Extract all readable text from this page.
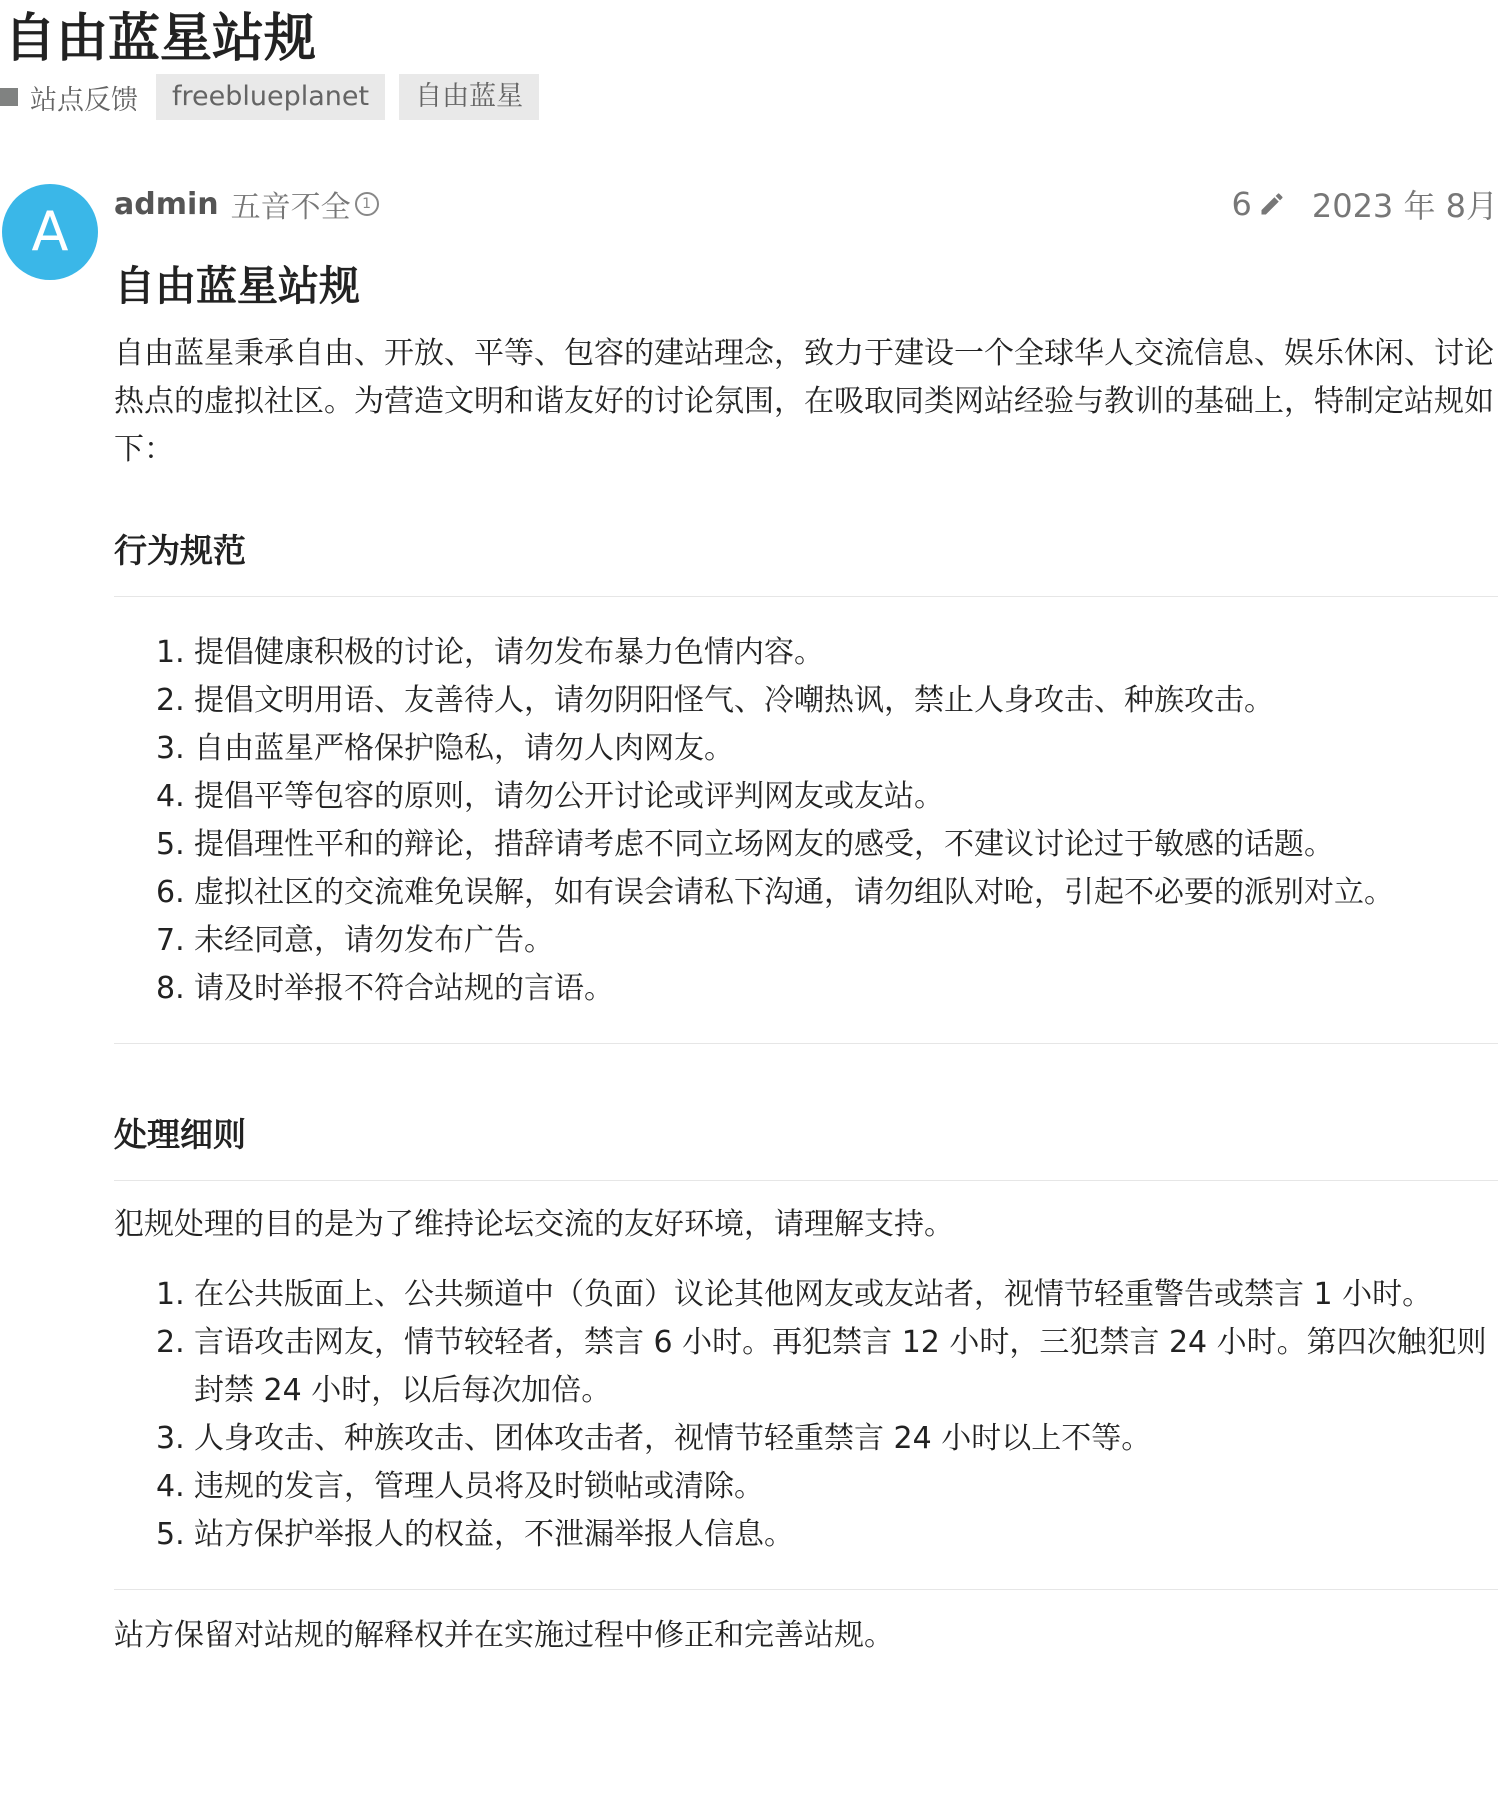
自由蓝星站规
站点反馈	freeblueplanet	自由蓝星
A	admin 五音不全 1	6 2023 年 8月
自由蓝星站规

自由蓝星秉承自由、开放、平等、包容的建站理念，致力于建设一个全球华人交流信息、娱乐休闲、讨论热点的虚拟社区。为营造文明和谐友好的讨论氛围，在吸取同类网站经验与教训的基础上，特制定站规如下：

行为规范
1. 提倡健康积极的讨论，请勿发布暴力色情内容。
2. 提倡文明用语、友善待人，请勿阴阳怪气、冷嘲热讽，禁止人身攻击、种族攻击。
3. 自由蓝星严格保护隐私，请勿人肉网友。
4. 提倡平等包容的原则，请勿公开讨论或评判网友或友站。
5. 提倡理性平和的辩论，措辞请考虑不同立场网友的感受，不建议讨论过于敏感的话题。
6. 虚拟社区的交流难免误解，如有误会请私下沟通，请勿组队对呛，引起不必要的派别对立。
7. 未经同意，请勿发布广告。
8. 请及时举报不符合站规的言语。
处理细则

犯规处理的目的是为了维持论坛交流的友好环境，请理解支持。

1. 在公共版面上、公共频道中（负面）议论其他网友或友站者，视情节轻重警告或禁言 1 小时。
2. 言语攻击网友，情节较轻者，禁言 6 小时。再犯禁言 12 小时，三犯禁言 24 小时。第四次触犯则封禁 24 小时，以后每次加倍。
3. 人身攻击、种族攻击、团体攻击者，视情节轻重禁言 24 小时以上不等。
4. 违规的发言，管理人员将及时锁帖或清除。
5. 站方保护举报人的权益，不泄漏举报人信息。

站方保留对站规的解释权并在实施过程中修正和完善站规。
